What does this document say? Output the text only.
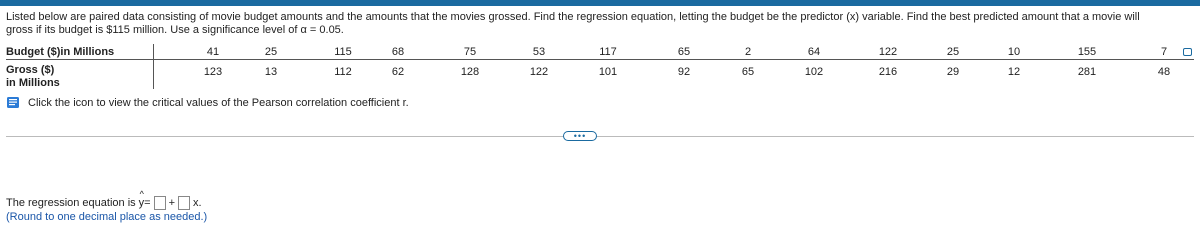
Listed below are paired data consisting of movie budget amounts and the amounts that the movies grossed. Find the regression equation, letting the budget be the predictor (x) variable. Find the best predicted amount that a movie will
gross if its budget is $115 million. Use a significance level of α = 0.05.
Budget ($)in Millions
Gross ($)
in Millions
41	25	115	68	75	53	117	65	2	64	122	25	10	155	7
123	13	112	62	128	122	101	92	65	102	216	29	12	281	48
Click the icon to view the critical values of the Pearson correlation coefficient r.
•••
The regression equation is
^ y = + x.
(Round to one decimal place as needed.)
